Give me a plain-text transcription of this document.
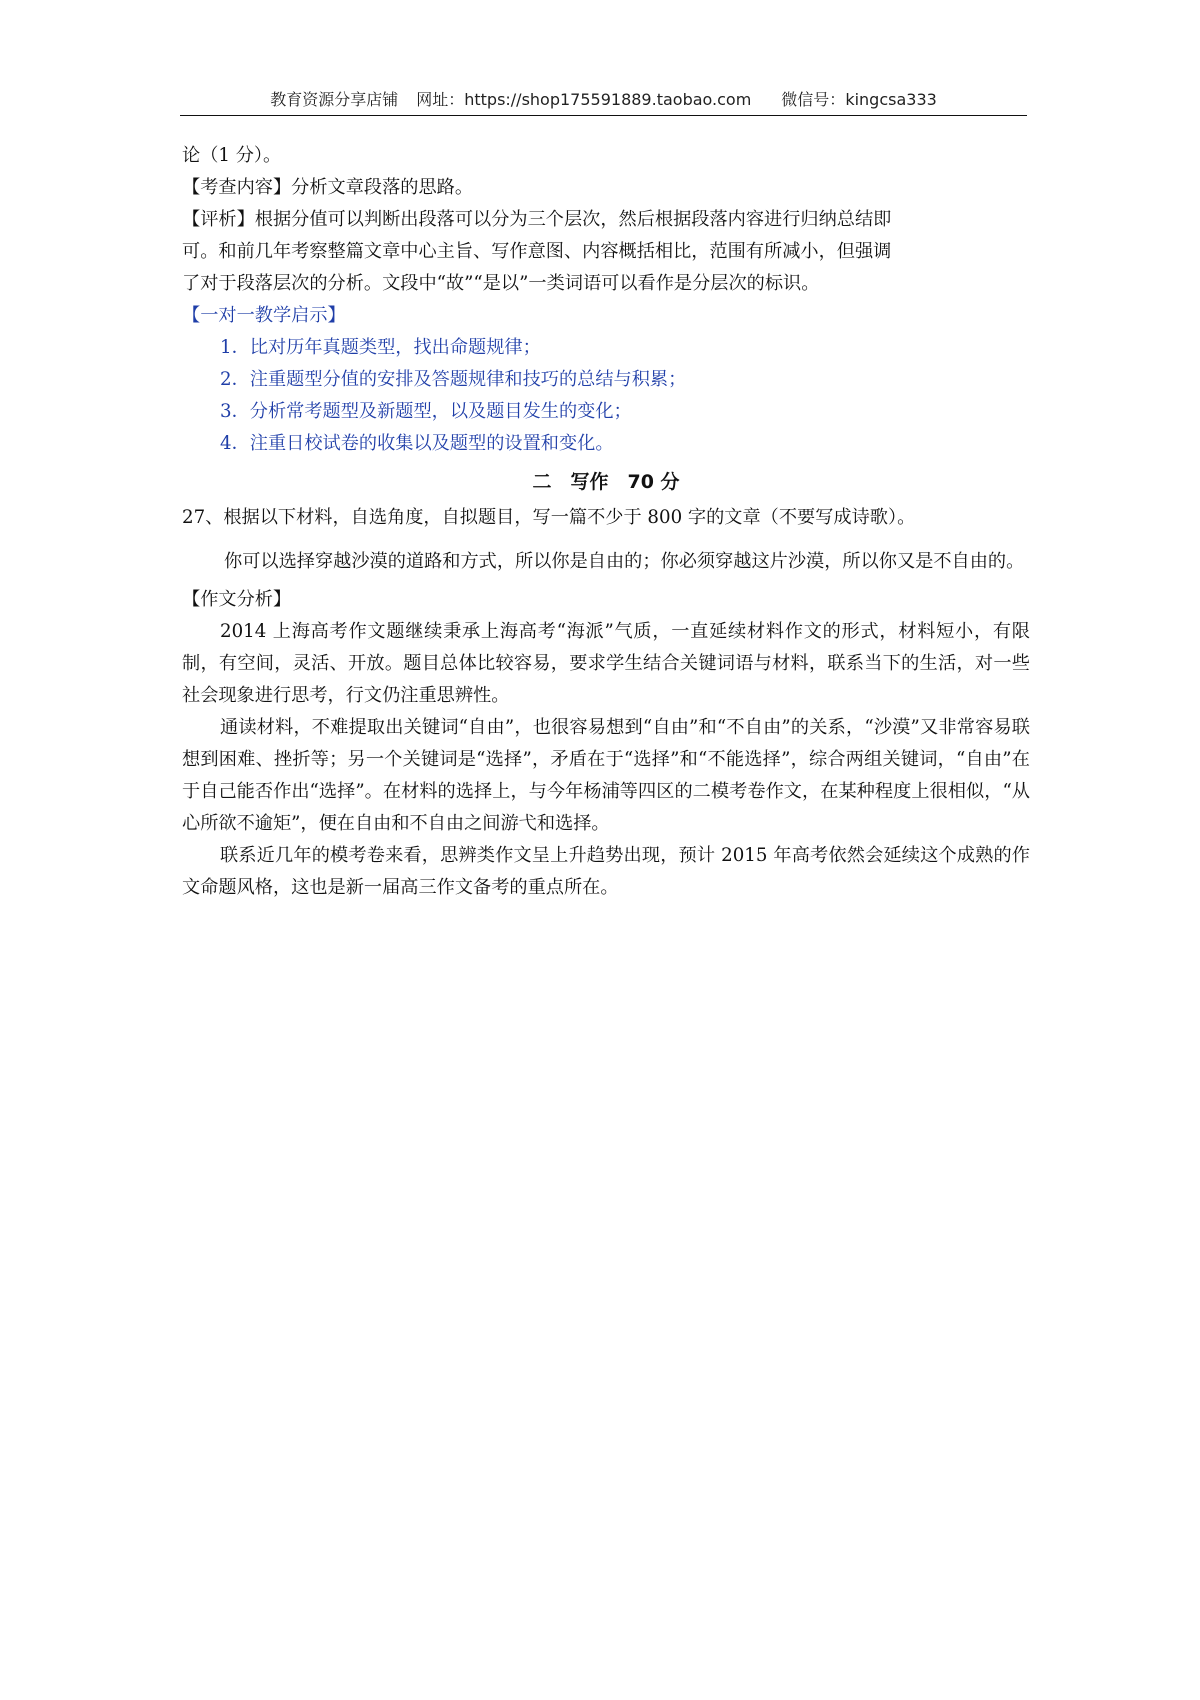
教育资源分享店铺 网址：https://shop175591889.taobao.com 微信号：kingcsa333
论（1 分）。
【考查内容】分析文章段落的思路。
【评析】根据分值可以判断出段落可以分为三个层次，然后根据段落内容进行归纳总结即
可。和前几年考察整篇文章中心主旨、写作意图、内容概括相比，范围有所减小，但强调
了对于段落层次的分析。文段中“故”“是以”一类词语可以看作是分层次的标识。
【一对一教学启示】
1．比对历年真题类型，找出命题规律；
2．注重题型分值的安排及答题规律和技巧的总结与积累；
3．分析常考题型及新题型，以及题目发生的变化；
4．注重日校试卷的收集以及题型的设置和变化。
二　写作　70 分
27、根据以下材料，自选角度，自拟题目，写一篇不少于 800 字的文章（不要写成诗歌）。
你可以选择穿越沙漠的道路和方式，所以你是自由的；你必须穿越这片沙漠，所以你又是不自由的。
【作文分析】
2014 上海高考作文题继续秉承上海高考“海派”气质，一直延续材料作文的形式，材料短小，有限制，有空间，灵活、开放。题目总体比较容易，要求学生结合关键词语与材料，联系当下的生活，对一些社会现象进行思考，行文仍注重思辨性。
通读材料，不难提取出关键词“自由”，也很容易想到“自由”和“不自由”的关系，“沙漠”又非常容易联想到困难、挫折等；另一个关键词是“选择”，矛盾在于“选择”和“不能选择”，综合两组关键词，“自由”在于自己能否作出“选择”。在材料的选择上，与今年杨浦等四区的二模考卷作文，在某种程度上很相似，“从心所欲不逾矩”，便在自由和不自由之间游弋和选择。
联系近几年的模考卷来看，思辨类作文呈上升趋势出现，预计 2015 年高考依然会延续这个成熟的作文命题风格，这也是新一届高三作文备考的重点所在。
